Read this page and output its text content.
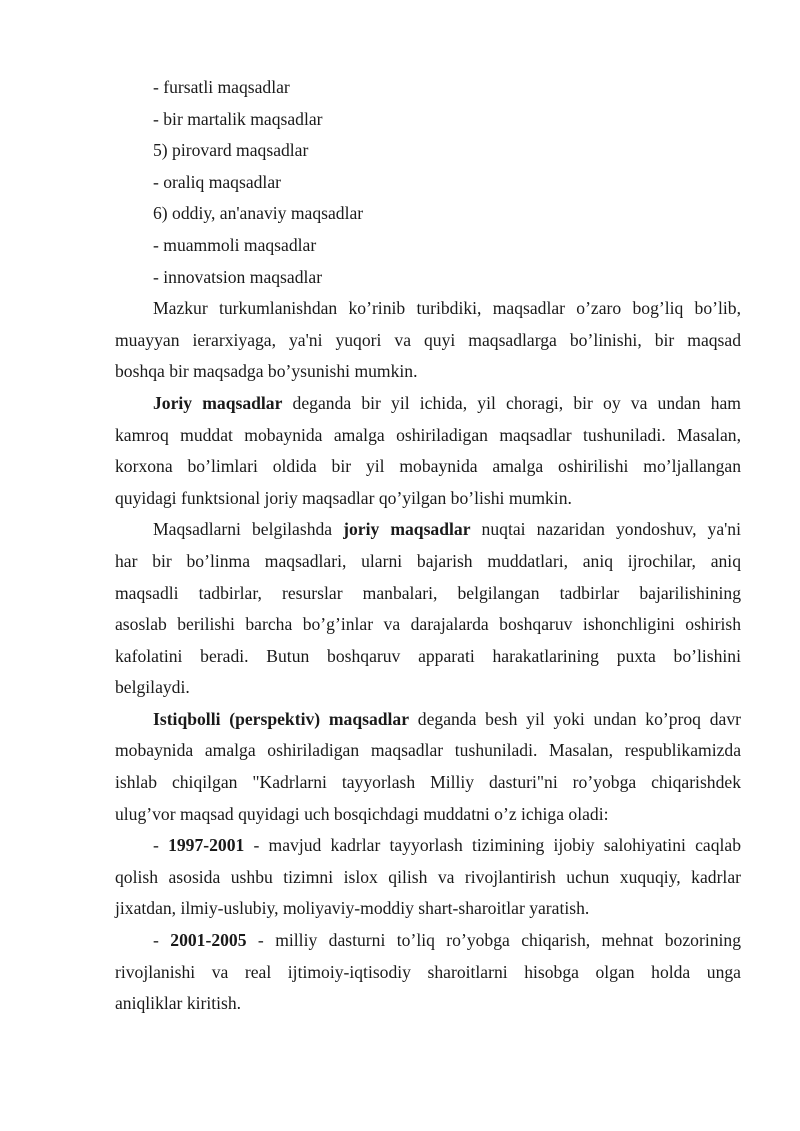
- fursatli maqsadlar
- bir martalik maqsadlar
5) pirovard maqsadlar
- oraliq maqsadlar
6) oddiy, an'anaviy maqsadlar
- muammoli maqsadlar
- innovatsion maqsadlar
Mazkur turkumlanishdan ko’rinib turibdiki, maqsadlar o’zaro bog’liq bo’lib,
muayyan ierarxiyaga, ya'ni yuqori va quyi maqsadlarga bo’linishi, bir maqsad
boshqa bir maqsadga bo’ysunishi mumkin.
Joriy maqsadlar deganda bir yil ichida, yil choragi, bir oy va undan ham
kamroq muddat mobaynida amalga oshiriladigan maqsadlar tushuniladi. Masalan,
korxona bo’limlari oldida bir yil mobaynida amalga oshirilishi mo’ljallangan
quyidagi funktsional joriy maqsadlar qo’yilgan bo’lishi mumkin.
Maqsadlarni belgilashda joriy maqsadlar nuqtai nazaridan yondoshuv, ya'ni
har bir bo’linma maqsadlari, ularni bajarish muddatlari, aniq ijrochilar, aniq
maqsadli tadbirlar, resurslar manbalari, belgilangan tadbirlar bajarilishining
asoslab berilishi barcha bo’g’inlar va darajalarda boshqaruv ishonchligini oshirish
kafolatini beradi. Butun boshqaruv apparati harakatlarining puxta bo’lishini
belgilaydi.
Istiqbolli (perspektiv) maqsadlar deganda besh yil yoki undan ko’proq davr
mobaynida amalga oshiriladigan maqsadlar tushuniladi. Masalan, respublikamizda
ishlab chiqilgan "Kadrlarni tayyorlash Milliy dasturi"ni ro’yobga chiqarishdek
ulug’vor maqsad quyidagi uch bosqichdagi muddatni o’z ichiga oladi:
- 1997-2001 - mavjud kadrlar tayyorlash tizimining ijobiy salohiyatini caqlab
qolish asosida ushbu tizimni islox qilish va rivojlantirish uchun xuquqiy, kadrlar
jixatdan, ilmiy-uslubiy, moliyaviy-moddiy shart-sharoitlar yaratish.
- 2001-2005 - milliy dasturni to’liq ro’yobga chiqarish, mehnat bozorining
rivojlanishi va real ijtimoiy-iqtisodiy sharoitlarni hisobga olgan holda unga
aniqliklar kiritish.
